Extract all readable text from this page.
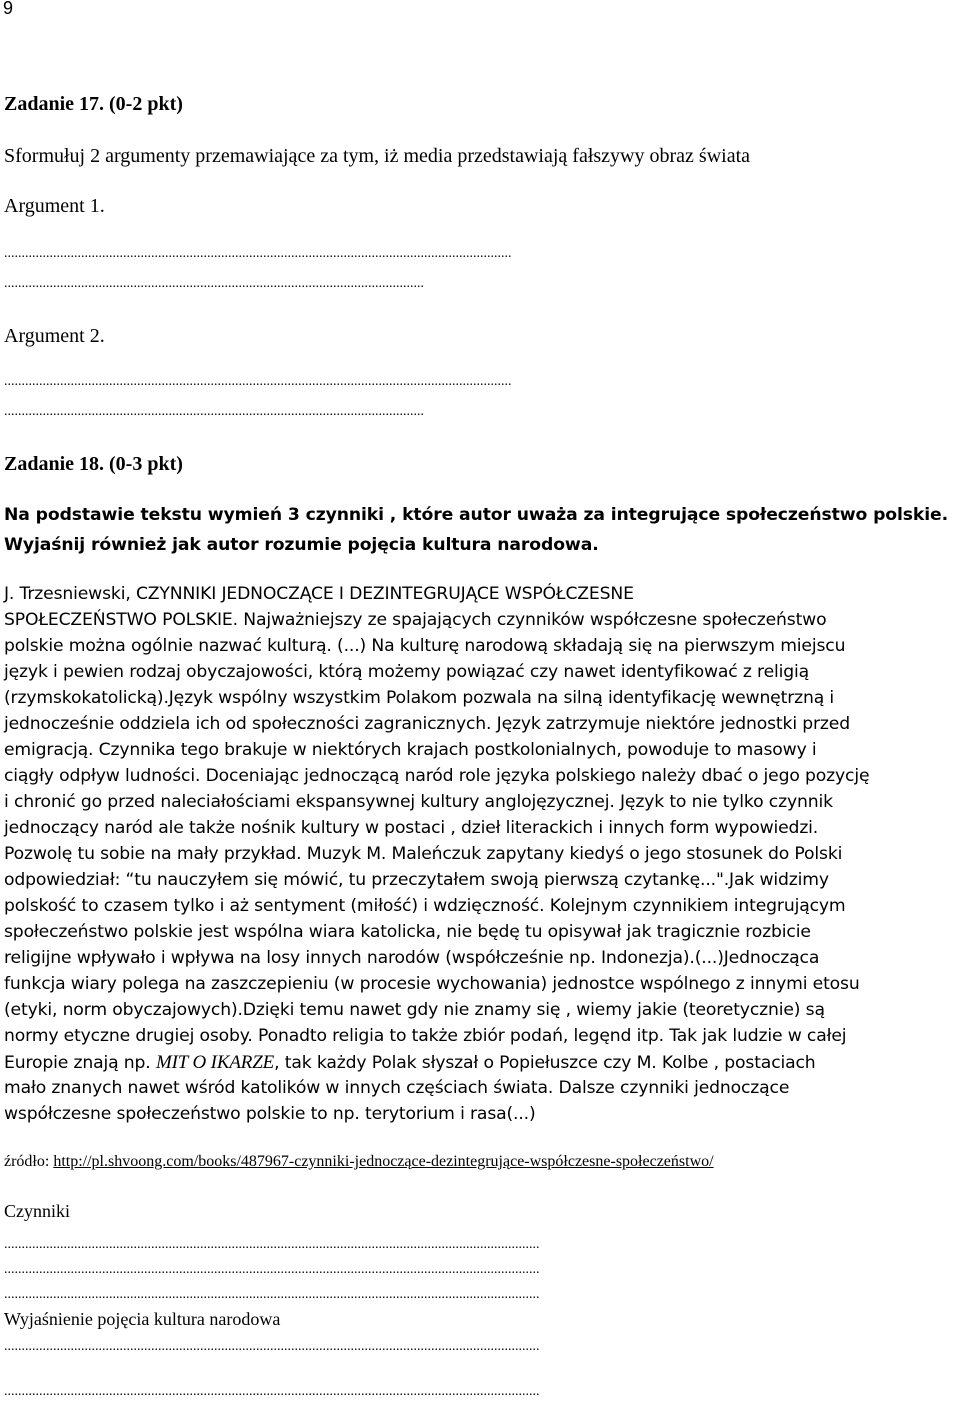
9
Zadanie 17. (0-2 pkt)
Sformułuj 2 argumenty przemawiające za tym, iż media przedstawiają fałszywy obraz świata
Argument 1.
.................................................................................................................................................
........................................................................................................................
Argument 2.
.................................................................................................................................................
........................................................................................................................
Zadanie 18. (0-3 pkt)
Na podstawie tekstu wymień 3 czynniki , które autor uważa za integrujące społeczeństwo polskie.
Wyjaśnij również jak autor rozumie pojęcia kultura narodowa.
J. Trzesniewski, CZYNNIKI JEDNOCZĄCE I DEZINTEGRUJĄCE WSPÓŁCZESNE
SPOŁECZEŃSTWO POLSKIE. Najważniejszy ze spajających czynników współczesne społeczeństwo
polskie można ogólnie nazwać kulturą. (...) Na kulturę narodową składają się na pierwszym miejscu
język i pewien rodzaj obyczajowości, którą możemy powiązać czy nawet identyfikować z religią
(rzymskokatolicką).Język wspólny wszystkim Polakom pozwala na silną identyfikację wewnętrzną i
jednocześnie oddziela ich od społeczności zagranicznych. Język zatrzymuje niektóre jednostki przed
emigracją. Czynnika tego brakuje w niektórych krajach postkolonialnych, powoduje to masowy i
ciągły odpływ ludności. Doceniając jednoczącą naród role języka polskiego należy dbać o jego pozycję
i chronić go przed naleciałościami ekspansywnej kultury anglojęzycznej. Język to nie tylko czynnik
jednoczący naród ale także nośnik kultury w postaci , dzieł literackich i innych form wypowiedzi.
Pozwolę tu sobie na mały przykład. Muzyk M. Maleńczuk zapytany kiedyś o jego stosunek do Polski
odpowiedział: “tu nauczyłem się mówić, tu przeczytałem swoją pierwszą czytankę...".Jak widzimy
polskość to czasem tylko i aż sentyment (miłość) i wdzięczność. Kolejnym czynnikiem integrującym
społeczeństwo polskie jest wspólna wiara katolicka, nie będę tu opisywał jak tragicznie rozbicie
religijne wpływało i wpływa na losy innych narodów (współcześnie np. Indonezja).(...)Jednocząca
funkcja wiary polega na zaszczepieniu (w procesie wychowania) jednostce wspólnego z innymi etosu
(etyki, norm obyczajowych).Dzięki temu nawet gdy nie znamy się , wiemy jakie (teoretycznie) są
normy etyczne drugiej osoby. Ponadto religia to także zbiór podań, legęnd itp. Tak jak ludzie w całej
Europie znają np. MIT O IKARZE, tak każdy Polak słyszał o Popiełuszce czy M. Kolbe , postaciach
mało znanych nawet wśród katolików w innych częściach świata. Dalsze czynniki jednoczące
współczesne społeczeństwo polskie to np. terytorium i rasa(...)
źródło: http://pl.shvoong.com/books/487967-czynniki-jednoczące-dezintegrujące-współczesne-społeczeństwo/
Czynniki
.........................................................................................................................................................
.........................................................................................................................................................
.........................................................................................................................................................
Wyjaśnienie pojęcia kultura narodowa
.........................................................................................................................................................
.........................................................................................................................................................
